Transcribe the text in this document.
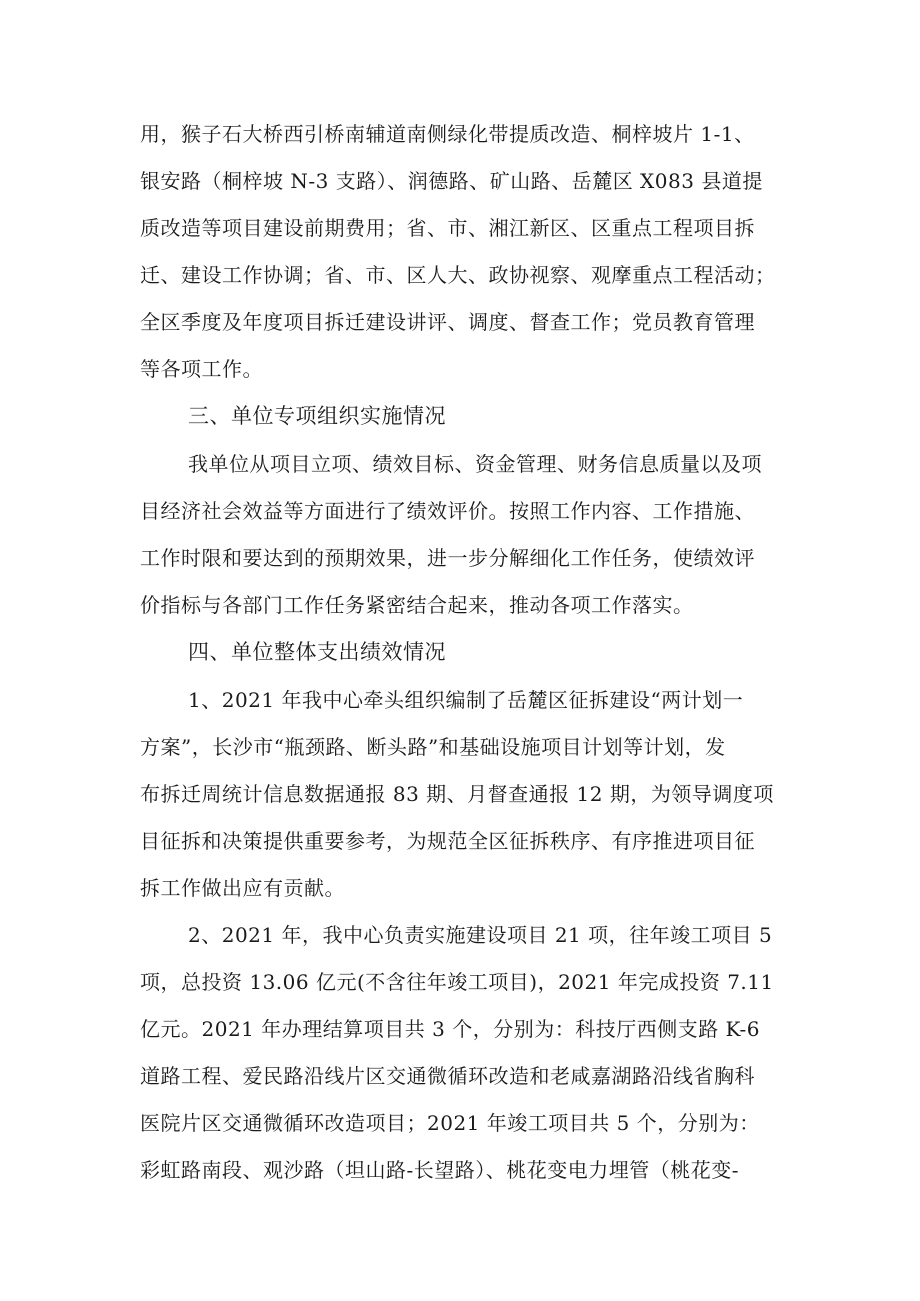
用，猴子石大桥西引桥南辅道南侧绿化带提质改造、桐梓坡片 1-1、
银安路（桐梓坡 N-3 支路）、润德路、矿山路、岳麓区 X083 县道提
质改造等项目建设前期费用；省、市、湘江新区、区重点工程项目拆
迁、建设工作协调；省、市、区人大、政协视察、观摩重点工程活动；
全区季度及年度项目拆迁建设讲评、调度、督查工作；党员教育管理
等各项工作。
三、单位专项组织实施情况
我单位从项目立项、绩效目标、资金管理、财务信息质量以及项
目经济社会效益等方面进行了绩效评价。按照工作内容、工作措施、
工作时限和要达到的预期效果，进一步分解细化工作任务，使绩效评
价指标与各部门工作任务紧密结合起来，推动各项工作落实。
四、单位整体支出绩效情况
1、2021 年我中心牵头组织编制了岳麓区征拆建设“两计划一
方案”，长沙市“瓶颈路、断头路”和基础设施项目计划等计划，发
布拆迁周统计信息数据通报 83 期、月督查通报 12 期，为领导调度项
目征拆和决策提供重要参考，为规范全区征拆秩序、有序推进项目征
拆工作做出应有贡献。
2、2021 年，我中心负责实施建设项目 21 项，往年竣工项目 5
项，总投资 13.06 亿元(不含往年竣工项目)，2021 年完成投资 7.11
亿元。2021 年办理结算项目共 3 个，分别为：科技厅西侧支路 K-6
道路工程、爱民路沿线片区交通微循环改造和老咸嘉湖路沿线省胸科
医院片区交通微循环改造项目；2021 年竣工项目共 5 个，分别为：
彩虹路南段、观沙路（坦山路-长望路）、桃花变电力埋管（桃花变-
